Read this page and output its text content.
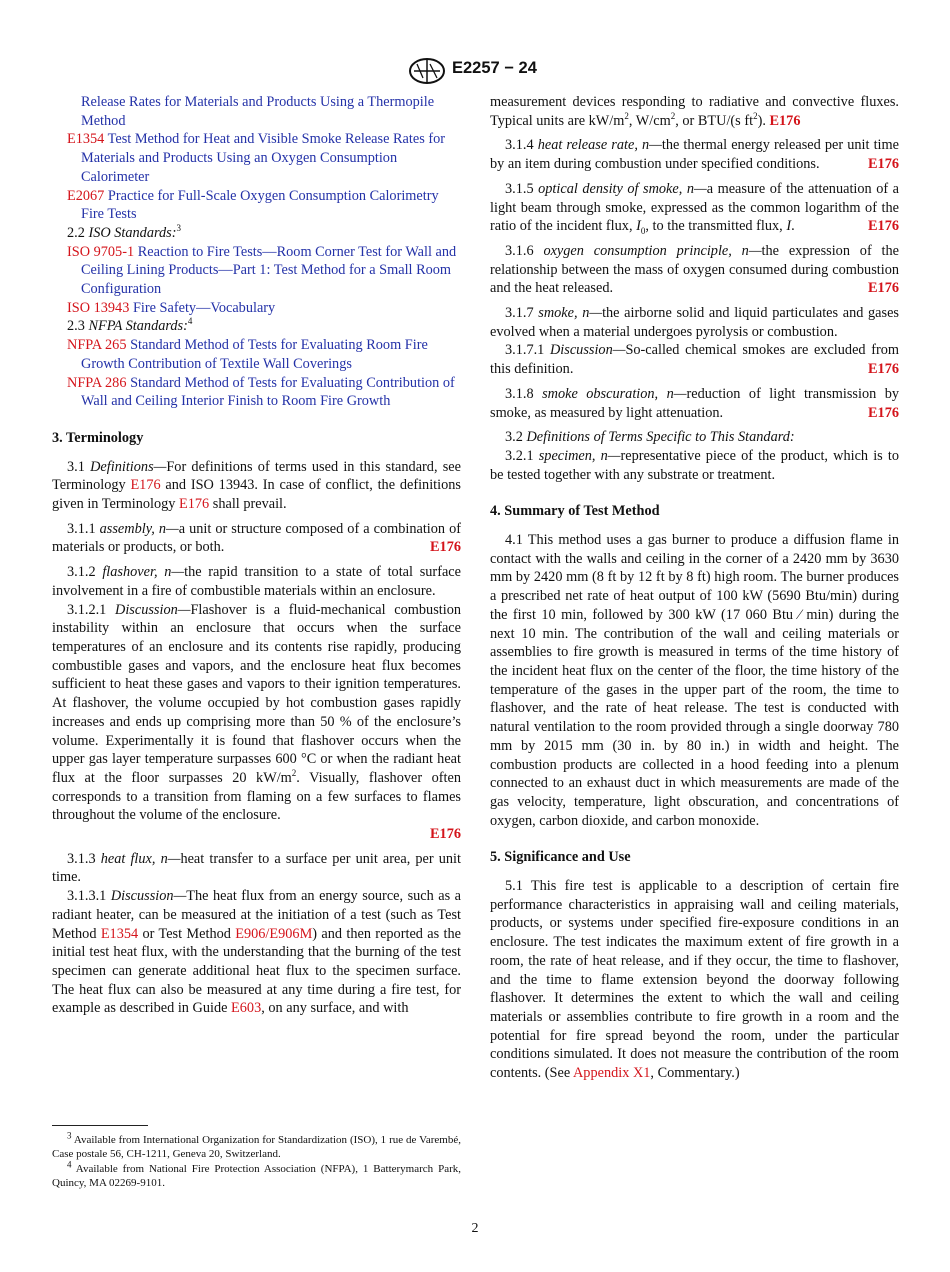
E2257 − 24

Release Rates for Materials and Products Using a Thermopile Method

E1354 Test Method for Heat and Visible Smoke Release Rates for Materials and Products Using an Oxygen Consumption Calorimeter

E2067 Practice for Full-Scale Oxygen Consumption Calorimetry Fire Tests

2.2 ISO Standards:$^3$

ISO 9705-1 Reaction to Fire Tests—Room Corner Test for Wall and Ceiling Lining Products—Part 1: Test Method for a Small Room Configuration

ISO 13943 Fire Safety—Vocabulary

2.3 NFPA Standards:$^4$

NFPA 265 Standard Method of Tests for Evaluating Room Fire Growth Contribution of Textile Wall Coverings

NFPA 286 Standard Method of Tests for Evaluating Contribution of Wall and Ceiling Interior Finish to Room Fire Growth

3. Terminology

3.1 Definitions—For definitions of terms used in this standard, see Terminology E176 and ISO 13943. In case of conflict, the definitions given in Terminology E176 shall prevail.

3.1.1 assembly, n—a unit or structure composed of a combination of materials or products, or both.	E176

3.1.2 flashover, n—the rapid transition to a state of total surface involvement in a fire of combustible materials within an enclosure.

3.1.2.1 Discussion—Flashover is a fluid-mechanical combustion instability within an enclosure that occurs when the surface temperatures of an enclosure and its contents rise rapidly, producing combustible gases and vapors, and the enclosure heat flux becomes sufficient to heat these gases and vapors to their ignition temperatures. At flashover, the volume occupied by hot combustion gases rapidly increases and ends up comprising more than 50 % of the enclosure’s volume. Experimentally it is found that flashover occurs when the upper gas layer temperature surpasses 600 °C or when the radiant heat flux at the floor surpasses 20 $kW/m^2$. Visually, flashover often corresponds to a transition from flaming on a few surfaces to flames throughout the volume of the enclosure.
E176

3.1.3 heat flux, n—heat transfer to a surface per unit area, per unit time.

3.1.3.1 Discussion—The heat flux from an energy source, such as a radiant heater, can be measured at the initiation of a test (such as Test Method E1354 or Test Method E906/E906M) and then reported as the initial test heat flux, with the understanding that the burning of the test specimen can generate additional heat flux to the specimen surface. The heat flux can also be measured at any time during a fire test, for example as described in Guide E603, on any surface, and with

$^3$ Available from International Organization for Standardization (ISO), 1 rue de Varembé, Case postale 56, CH-1211, Geneva 20, Switzerland.

$^4$ Available from National Fire Protection Association (NFPA), 1 Batterymarch Park, Quincy, MA 02269-9101.

measurement devices responding to radiative and convective fluxes. Typical units are $kW/m^2$, $W/cm^2$, or BTU/(s $ft^2$). E176

3.1.4 heat release rate, n—the thermal energy released per unit time by an item during combustion under specified conditions.	E176

3.1.5 optical density of smoke, n—a measure of the attenuation of a light beam through smoke, expressed as the common logarithm of the ratio of the incident flux, $I_0$, to the transmitted flux, I.	E176

3.1.6 oxygen consumption principle, n—the expression of the relationship between the mass of oxygen consumed during combustion and the heat released.	E176

3.1.7 smoke, n—the airborne solid and liquid particulates and gases evolved when a material undergoes pyrolysis or combustion.

3.1.7.1 Discussion—So-called chemical smokes are excluded from this definition.	E176

3.1.8 smoke obscuration, n—reduction of light transmission by smoke, as measured by light attenuation.	E176

3.2 Definitions of Terms Specific to This Standard:

3.2.1 specimen, n—representative piece of the product, which is to be tested together with any substrate or treatment.

4. Summary of Test Method

4.1 This method uses a gas burner to produce a diffusion flame in contact with the walls and ceiling in the corner of a 2420 mm by 3630 mm by 2420 mm (8 ft by 12 ft by 8 ft) high room. The burner produces a prescribed net rate of heat output of 100 kW (5690 Btu/min) during the first 10 min, followed by 300 kW (17 060 Btu ⁄ min) during the next 10 min. The contribution of the wall and ceiling materials or assemblies to fire growth is measured in terms of the time history of the incident heat flux on the center of the floor, the time history of the temperature of the gases in the upper part of the room, the time to flashover, and the rate of heat release. The test is conducted with natural ventilation to the room provided through a single doorway 780 mm by 2015 mm (30 in. by 80 in.) in width and height. The combustion products are collected in a hood feeding into a plenum connected to an exhaust duct in which measurements are made of the gas velocity, temperature, light obscuration, and concentrations of oxygen, carbon dioxide, and carbon monoxide.

5. Significance and Use

5.1 This fire test is applicable to a description of certain fire performance characteristics in appraising wall and ceiling materials, products, or systems under specified fire-exposure conditions in an enclosure. The test indicates the maximum extent of fire growth in a room, the rate of heat release, and if they occur, the time to flashover, and the time to flame extension beyond the doorway following flashover. It determines the extent to which the wall and ceiling materials or assemblies contribute to fire growth in a room and the potential for fire spread beyond the room, under the particular conditions simulated. It does not measure the contribution of the room contents. (See Appendix X1, Commentary.)

2
